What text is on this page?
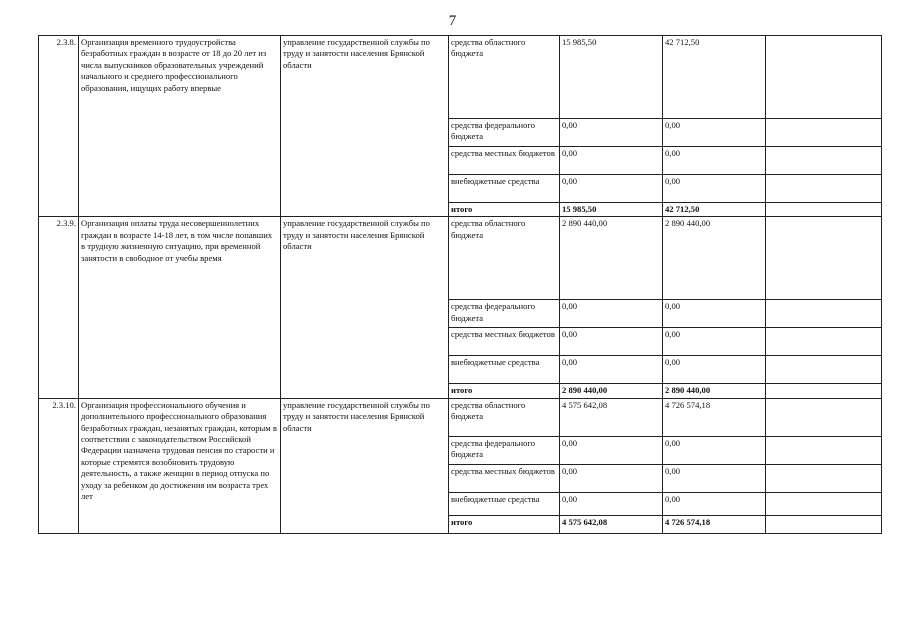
7
2.3.8.	Организация временного трудоустройства безработных граждан в возрасте от 18 до 20 лет из числа выпускников образовательных учреждений начального и среднего профессионального образования, ищущих работу впервые	управление государственной службы по труду и занятости населения Брянской области	средства областного бюджета	15 985,50	42 712,50	
			средства федерального бюджета	0,00	0,00	
			средства местных бюджетов	0,00	0,00	
			внебюджетные средства	0,00	0,00	
			итого	15 985,50	42 712,50	
2.3.9.	Организация оплаты труда несовершеннолетних граждан в возрасте 14-18 лет, в том числе попавших в трудную жизненную ситуацию, при временной занятости в свободное от учебы время	управление государственной службы по труду и занятости населения Брянской области	средства областного бюджета	2 890 440,00	2 890 440,00	
			средства федерального бюджета	0,00	0,00	
			средства местных бюджетов	0,00	0,00	
			внебюджетные средства	0,00	0,00	
			итого	2 890 440,00	2 890 440,00	
2.3.10.	Организация профессионального обучения и дополнительного профессионального образования безработных граждан, незанятых граждан, которым в соответствии с законодательством Российской Федерации назначена трудовая пенсия по старости и которые стремятся возобновить трудовую деятельность, а также женщин в период отпуска по уходу за ребенком до достижения им возраста трех лет	управление государственной службы по труду и занятости населения Брянской области	средства областного бюджета	4 575 642,08	4 726 574,18	
			средства федерального бюджета	0,00	0,00	
			средства местных бюджетов	0,00	0,00	
			внебюджетные средства	0,00	0,00	
			итого	4 575 642,08	4 726 574,18	
